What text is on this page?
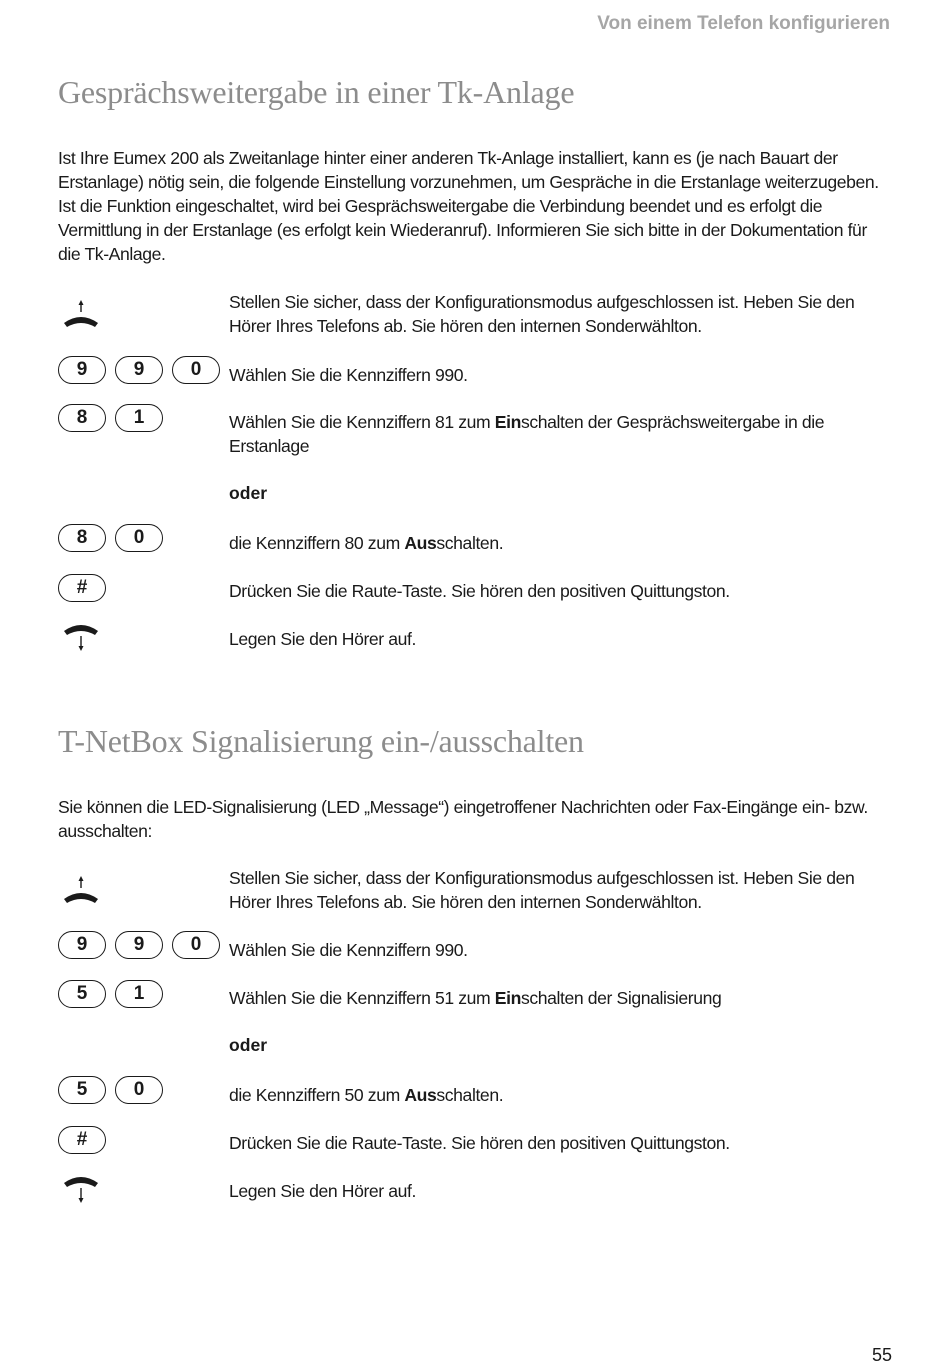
Von einem Telefon konfigurieren
Gesprächsweitergabe in einer Tk-Anlage

Ist Ihre Eumex 200 als Zweitanlage hinter einer anderen Tk-Anlage installiert, kann es (je nach Bauart der Erstanlage) nötig sein, die folgende Einstellung vorzunehmen, um Gespräche in die Erstanlage weiterzugeben. Ist die Funktion eingeschaltet, wird bei Gesprächsweitergabe die Verbindung beendet und es erfolgt die Vermittlung in der Erstanlage (es erfolgt kein Wiederanruf). Informieren Sie sich bitte in der Dokumentation für die Tk-Anlage.

Stellen Sie sicher, dass der Konfigurationsmodus aufgeschlossen ist. Heben Sie den Hörer Ihres Telefons ab. Sie hören den internen Sonderwählton.

9	9	0	Wählen Sie die Kennziffern 990.

8	1	Wählen Sie die Kennziffern 81 zum Einschalten der Gesprächsweitergabe in die Erstanlage

oder

8	0	die Kennziffern 80 zum Ausschalten.

#	Drücken Sie die Raute-Taste. Sie hören den positiven Quittungston.

Legen Sie den Hörer auf.

T-NetBox Signalisierung ein-/ausschalten

Sie können die LED-Signalisierung (LED „Message“) eingetroffener Nachrichten oder Fax-Eingänge ein- bzw. ausschalten:

Stellen Sie sicher, dass der Konfigurationsmodus aufgeschlossen ist. Heben Sie den Hörer Ihres Telefons ab. Sie hören den internen Sonderwählton.

9	9	0	Wählen Sie die Kennziffern 990.

5	1	Wählen Sie die Kennziffern 51 zum Einschalten der Signalisierung

oder

5	0	die Kennziffern 50 zum Ausschalten.

#	Drücken Sie die Raute-Taste. Sie hören den positiven Quittungston.

Legen Sie den Hörer auf.

55
